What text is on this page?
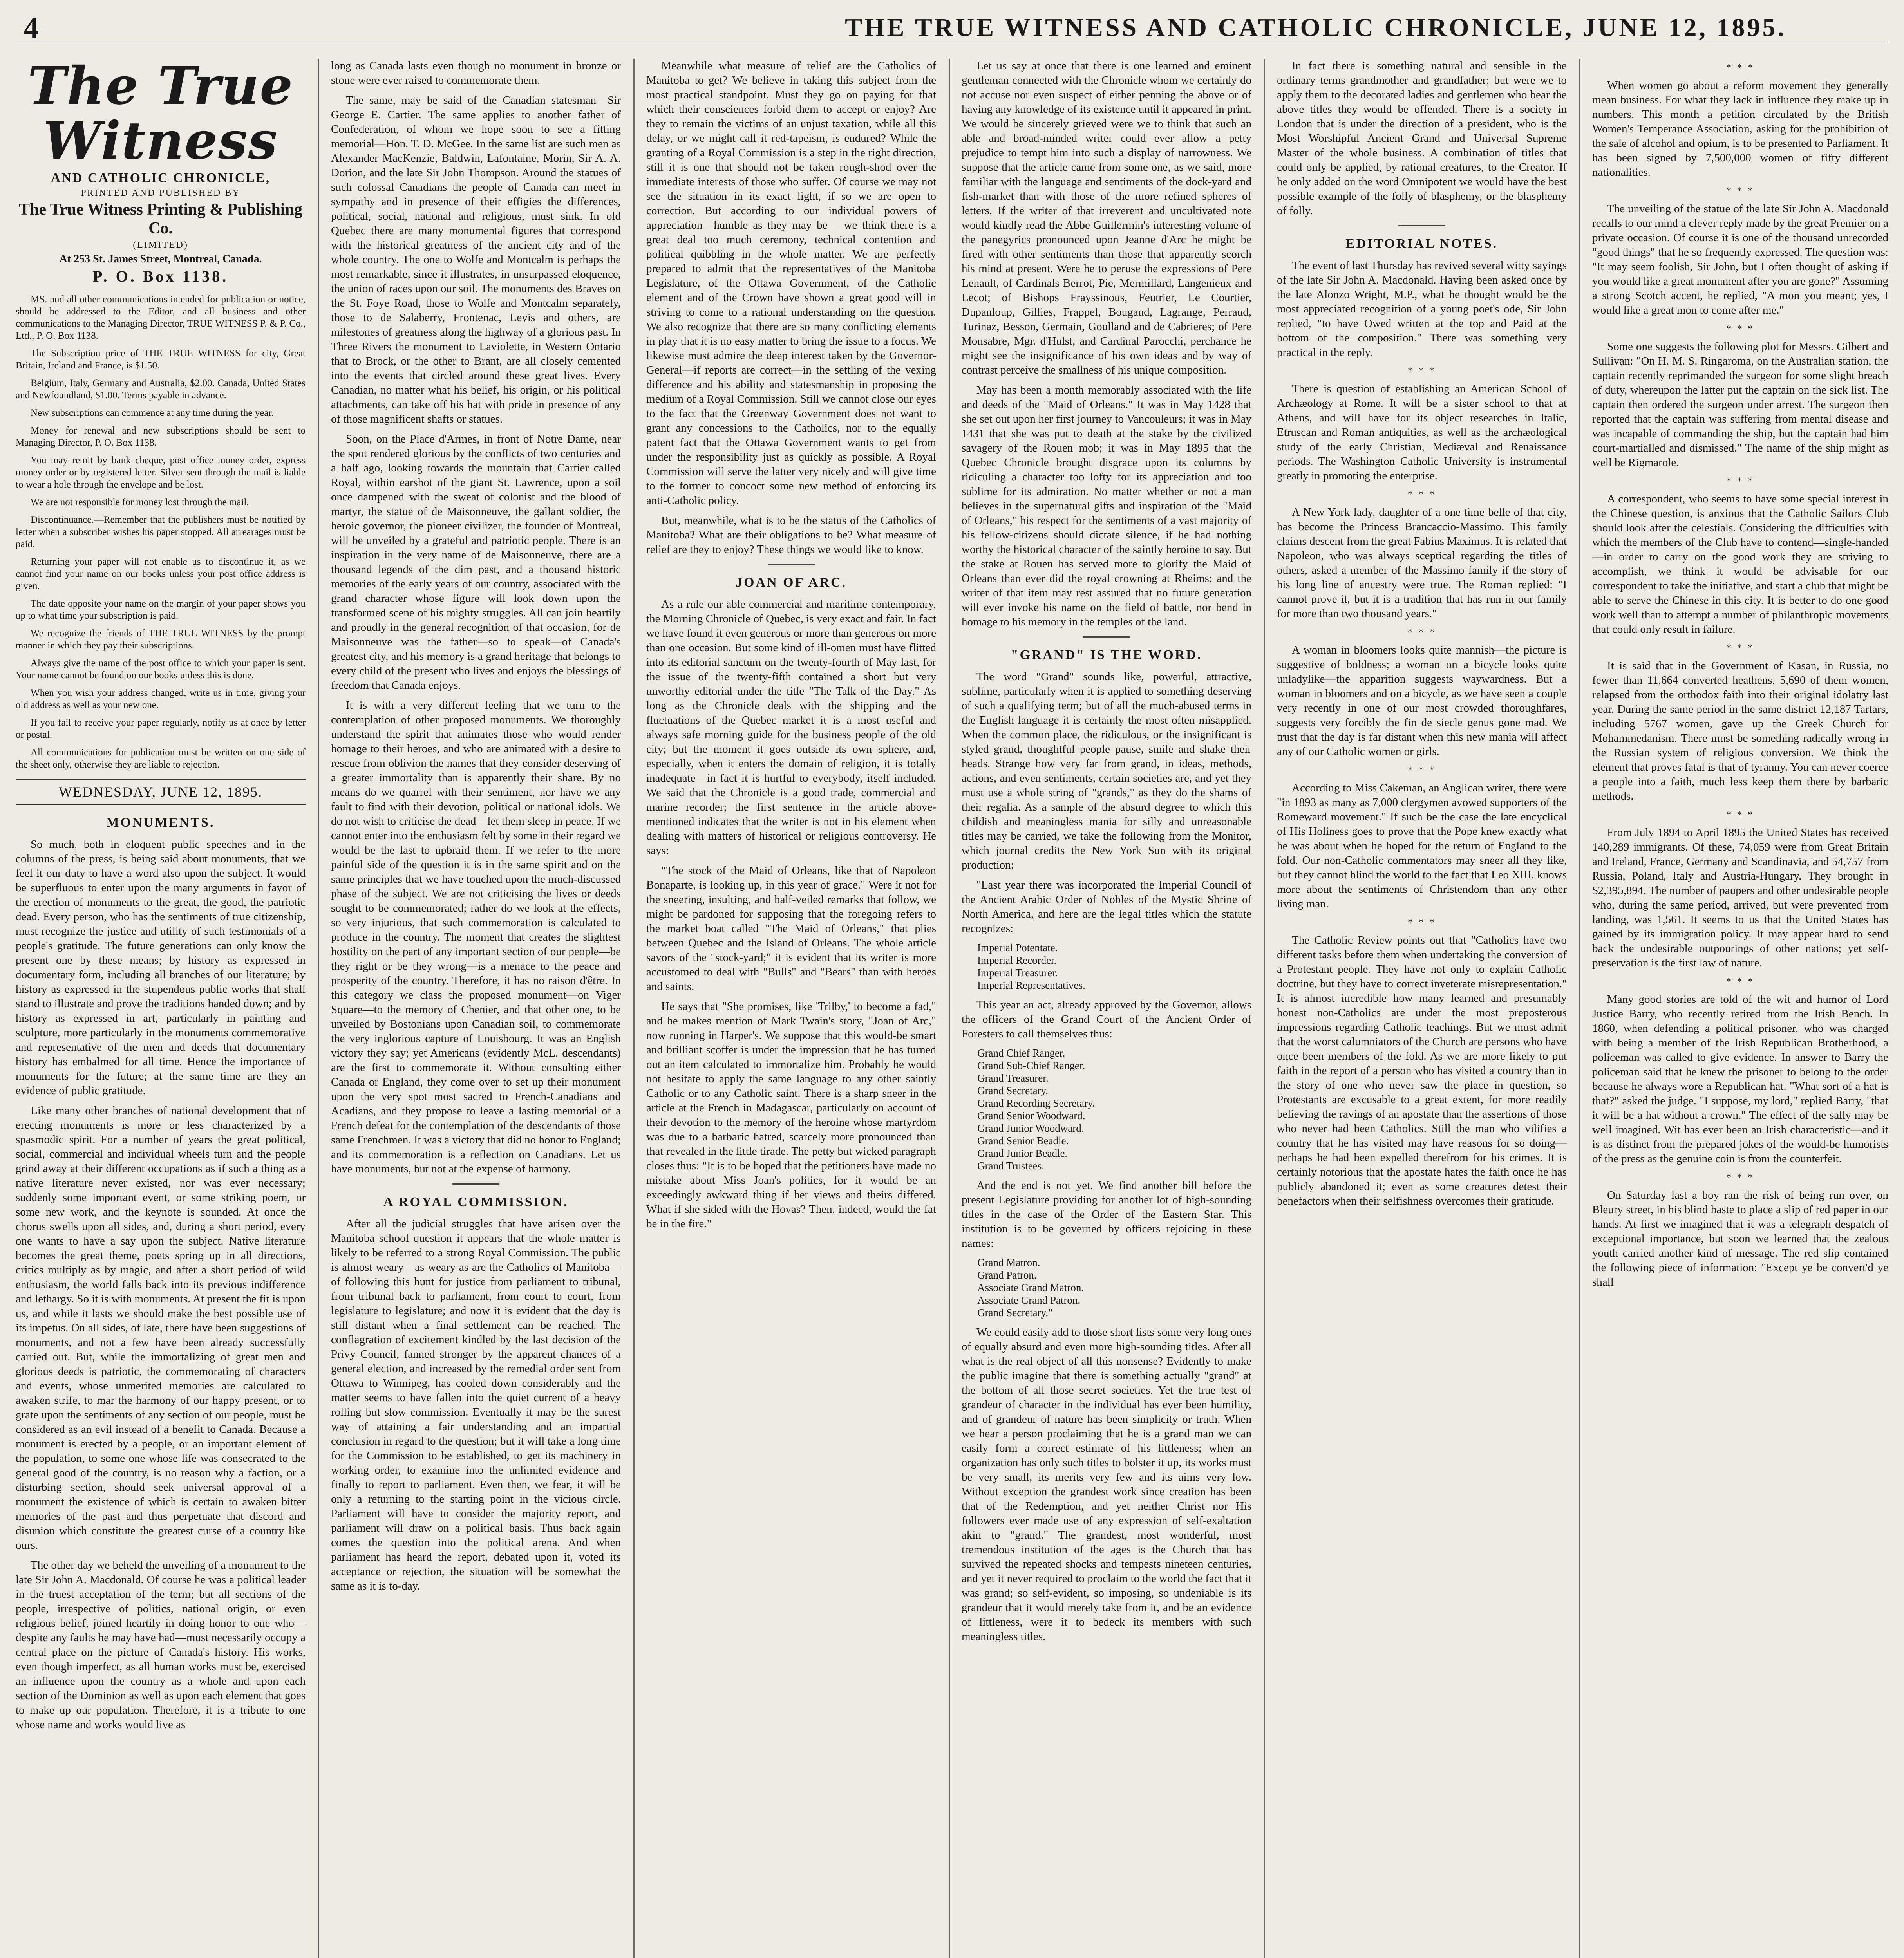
4	THE TRUE WITNESS AND CATHOLIC CHRONICLE, JUNE 12, 1895.
The True Witness
AND CATHOLIC CHRONICLE,
PRINTED AND PUBLISHED BY
The True Witness Printing & Publishing Co.
(LIMITED)
At 253 St. James Street, Montreal, Canada.
P. O. Box 1138.

MS. and all other communications intended for publication or notice, should be addressed to the Editor, and all business and other communications to the Managing Director, TRUE WITNESS P. & P. Co., Ltd., P. O. Box 1138.

The Subscription price of THE TRUE WITNESS for city, Great Britain, Ireland and France, is $1.50.

Belgium, Italy, Germany and Australia, $2.00. Canada, United States and Newfoundland, $1.00. Terms payable in advance.

New subscriptions can commence at any time during the year.

Money for renewal and new subscriptions should be sent to Managing Director, P. O. Box 1138.

You may remit by bank cheque, post office money order, express money order or by registered letter. Silver sent through the mail is liable to wear a hole through the envelope and be lost.

We are not responsible for money lost through the mail.

Discontinuance.—Remember that the publishers must be notified by letter when a subscriber wishes his paper stopped. All arrearages must be paid.

Returning your paper will not enable us to discontinue it, as we cannot find your name on our books unless your post office address is given.

The date opposite your name on the margin of your paper shows you up to what time your subscription is paid.

We recognize the friends of THE TRUE WITNESS by the prompt manner in which they pay their subscriptions.

Always give the name of the post office to which your paper is sent. Your name cannot be found on our books unless this is done.

When you wish your address changed, write us in time, giving your old address as well as your new one.

If you fail to receive your paper regularly, notify us at once by letter or postal.

All communications for publication must be written on one side of the sheet only, otherwise they are liable to rejection.

WEDNESDAY, JUNE 12, 1895.
MONUMENTS.

So much, both in eloquent public speeches and in the columns of the press, is being said about monuments, that we feel it our duty to have a word also upon the subject. It would be superfluous to enter upon the many arguments in favor of the erection of monuments to the great, the good, the patriotic dead. Every person, who has the sentiments of true citizenship, must recognize the justice and utility of such testimonials of a people's gratitude. The future generations can only know the present one by these means; by history as expressed in documentary form, including all branches of our literature; by history as expressed in the stupendous public works that shall stand to illustrate and prove the traditions handed down; and by history as expressed in art, particularly in painting and sculpture, more particularly in the monuments commemorative and representative of the men and deeds that documentary history has embalmed for all time. Hence the importance of monuments for the future; at the same time are they an evidence of public gratitude.

Like many other branches of national development that of erecting monuments is more or less characterized by a spasmodic spirit. For a number of years the great political, social, commercial and individual wheels turn and the people grind away at their different occupations as if such a thing as a native literature never existed, nor was ever necessary; suddenly some important event, or some striking poem, or some new work, and the keynote is sounded. At once the chorus swells upon all sides, and, during a short period, every one wants to have a say upon the subject. Native literature becomes the great theme, poets spring up in all directions, critics multiply as by magic, and after a short period of wild enthusiasm, the world falls back into its previous indifference and lethargy. So it is with monuments. At present the fit is upon us, and while it lasts we should make the best possible use of its impetus. On all sides, of late, there have been suggestions of monuments, and not a few have been already successfully carried out. But, while the immortalizing of great men and glorious deeds is patriotic, the commemorating of characters and events, whose unmerited memories are calculated to awaken strife, to mar the harmony of our happy present, or to grate upon the sentiments of any section of our people, must be considered as an evil instead of a benefit to Canada. Because a monument is erected by a people, or an important element of the population, to some one whose life was consecrated to the general good of the country, is no reason why a faction, or a disturbing section, should seek universal approval of a monument the existence of which is certain to awaken bitter memories of the past and thus perpetuate that discord and disunion which constitute the greatest curse of a country like ours.

The other day we beheld the unveiling of a monument to the late Sir John A. Macdonald. Of course he was a political leader in the truest acceptation of the term; but all sections of the people, irrespective of politics, national origin, or even religious belief, joined heartily in doing honor to one who—despite any faults he may have had—must necessarily occupy a central place on the picture of Canada's history. His works, even though imperfect, as all human works must be, exercised an influence upon the country as a whole and upon each section of the Dominion as well as upon each element that goes to make up our population. Therefore, it is a tribute to one whose name and works would live as

long as Canada lasts even though no monument in bronze or stone were ever raised to commemorate them.

The same, may be said of the Canadian statesman—Sir George E. Cartier. The same applies to another father of Confederation, of whom we hope soon to see a fitting memorial—Hon. T. D. McGee. In the same list are such men as Alexander MacKenzie, Baldwin, Lafontaine, Morin, Sir A. A. Dorion, and the late Sir John Thompson. Around the statues of such colossal Canadians the people of Canada can meet in sympathy and in presence of their effigies the differences, political, social, national and religious, must sink. In old Quebec there are many monumental figures that correspond with the historical greatness of the ancient city and of the whole country. The one to Wolfe and Montcalm is perhaps the most remarkable, since it illustrates, in unsurpassed eloquence, the union of races upon our soil. The monuments des Braves on the St. Foye Road, those to Wolfe and Montcalm separately, those to de Salaberry, Frontenac, Levis and others, are milestones of greatness along the highway of a glorious past. In Three Rivers the monument to Laviolette, in Western Ontario that to Brock, or the other to Brant, are all closely cemented into the events that circled around these great lives. Every Canadian, no matter what his belief, his origin, or his political attachments, can take off his hat with pride in presence of any of those magnificent shafts or statues.

Soon, on the Place d'Armes, in front of Notre Dame, near the spot rendered glorious by the conflicts of two centuries and a half ago, looking towards the mountain that Cartier called Royal, within earshot of the giant St. Lawrence, upon a soil once dampened with the sweat of colonist and the blood of martyr, the statue of de Maisonneuve, the gallant soldier, the heroic governor, the pioneer civilizer, the founder of Montreal, will be unveiled by a grateful and patriotic people. There is an inspiration in the very name of de Maisonneuve, there are a thousand legends of the dim past, and a thousand historic memories of the early years of our country, associated with the grand character whose figure will look down upon the transformed scene of his mighty struggles. All can join heartily and proudly in the general recognition of that occasion, for de Maisonneuve was the father—so to speak—of Canada's greatest city, and his memory is a grand heritage that belongs to every child of the present who lives and enjoys the blessings of freedom that Canada enjoys.

It is with a very different feeling that we turn to the contemplation of other proposed monuments. We thoroughly understand the spirit that animates those who would render homage to their heroes, and who are animated with a desire to rescue from oblivion the names that they consider deserving of a greater immortality than is apparently their share. By no means do we quarrel with their sentiment, nor have we any fault to find with their devotion, political or national idols. We do not wish to criticise the dead—let them sleep in peace. If we cannot enter into the enthusiasm felt by some in their regard we would be the last to upbraid them. If we refer to the more painful side of the question it is in the same spirit and on the same principles that we have touched upon the much-discussed phase of the subject. We are not criticising the lives or deeds sought to be commemorated; rather do we look at the effects, so very injurious, that such commemoration is calculated to produce in the country. The moment that creates the slightest hostility on the part of any important section of our people—be they right or be they wrong—is a menace to the peace and prosperity of the country. Therefore, it has no raison d'être. In this category we class the proposed monument—on Viger Square—to the memory of Chenier, and that other one, to be unveiled by Bostonians upon Canadian soil, to commemorate the very inglorious capture of Louisbourg. It was an English victory they say; yet Americans (evidently McL. descendants) are the first to commemorate it. Without consulting either Canada or England, they come over to set up their monument upon the very spot most sacred to French-Canadians and Acadians, and they propose to leave a lasting memorial of a French defeat for the contemplation of the descendants of those same Frenchmen. It was a victory that did no honor to England; and its commemoration is a reflection on Canadians. Let us have monuments, but not at the expense of harmony.

A ROYAL COMMISSION.

After all the judicial struggles that have arisen over the Manitoba school question it appears that the whole matter is likely to be referred to a strong Royal Commission. The public is almost weary—as weary as are the Catholics of Manitoba—of following this hunt for justice from parliament to tribunal, from tribunal back to parliament, from court to court, from legislature to legislature; and now it is evident that the day is still distant when a final settlement can be reached. The conflagration of excitement kindled by the last decision of the Privy Council, fanned stronger by the apparent chances of a general election, and increased by the remedial order sent from Ottawa to Winnipeg, has cooled down considerably and the matter seems to have fallen into the quiet current of a heavy rolling but slow commission. Eventually it may be the surest way of attaining a fair understanding and an impartial conclusion in regard to the question; but it will take a long time for the Commission to be established, to get its machinery in working order, to examine into the unlimited evidence and finally to report to parliament. Even then, we fear, it will be only a returning to the starting point in the vicious circle. Parliament will have to consider the majority report, and parliament will draw on a political basis. Thus back again comes the question into the political arena. And when parliament has heard the report, debated upon it, voted its acceptance or rejection, the situation will be somewhat the same as it is to-day.

Meanwhile what measure of relief are the Catholics of Manitoba to get? We believe in taking this subject from the most practical standpoint. Must they go on paying for that which their consciences forbid them to accept or enjoy? Are they to remain the victims of an unjust taxation, while all this delay, or we might call it red-tapeism, is endured? While the granting of a Royal Commission is a step in the right direction, still it is one that should not be taken rough-shod over the immediate interests of those who suffer. Of course we may not see the situation in its exact light, if so we are open to correction. But according to our individual powers of appreciation—humble as they may be —we think there is a great deal too much ceremony, technical contention and political quibbling in the whole matter. We are perfectly prepared to admit that the representatives of the Manitoba Legislature, of the Ottawa Government, of the Catholic element and of the Crown have shown a great good will in striving to come to a rational understanding on the question. We also recognize that there are so many conflicting elements in play that it is no easy matter to bring the issue to a focus. We likewise must admire the deep interest taken by the Governor-General—if reports are correct—in the settling of the vexing difference and his ability and statesmanship in proposing the medium of a Royal Commission. Still we cannot close our eyes to the fact that the Greenway Government does not want to grant any concessions to the Catholics, nor to the equally patent fact that the Ottawa Government wants to get from under the responsibility just as quickly as possible. A Royal Commission will serve the latter very nicely and will give time to the former to concoct some new method of enforcing its anti-Catholic policy.

But, meanwhile, what is to be the status of the Catholics of Manitoba? What are their obligations to be? What measure of relief are they to enjoy? These things we would like to know.

JOAN OF ARC.

As a rule our able commercial and maritime contemporary, the Morning Chronicle of Quebec, is very exact and fair. In fact we have found it even generous or more than generous on more than one occasion. But some kind of ill-omen must have flitted into its editorial sanctum on the twenty-fourth of May last, for the issue of the twenty-fifth contained a short but very unworthy editorial under the title "The Talk of the Day." As long as the Chronicle deals with the shipping and the fluctuations of the Quebec market it is a most useful and always safe morning guide for the business people of the old city; but the moment it goes outside its own sphere, and, especially, when it enters the domain of religion, it is totally inadequate—in fact it is hurtful to everybody, itself included. We said that the Chronicle is a good trade, commercial and marine recorder; the first sentence in the article above-mentioned indicates that the writer is not in his element when dealing with matters of historical or religious controversy. He says:

"The stock of the Maid of Orleans, like that of Napoleon Bonaparte, is looking up, in this year of grace." Were it not for the sneering, insulting, and half-veiled remarks that follow, we might be pardoned for supposing that the foregoing refers to the market boat called "The Maid of Orleans," that plies between Quebec and the Island of Orleans. The whole article savors of the "stock-yard;" it is evident that its writer is more accustomed to deal with "Bulls" and "Bears" than with heroes and saints.

He says that "She promises, like 'Trilby,' to become a fad," and he makes mention of Mark Twain's story, "Joan of Arc," now running in Harper's. We suppose that this would-be smart and brilliant scoffer is under the impression that he has turned out an item calculated to immortalize him. Probably he would not hesitate to apply the same language to any other saintly Catholic or to any Catholic saint. There is a sharp sneer in the article at the French in Madagascar, particularly on account of their devotion to the memory of the heroine whose martyrdom was due to a barbaric hatred, scarcely more pronounced than that revealed in the little tirade. The petty but wicked paragraph closes thus: "It is to be hoped that the petitioners have made no mistake about Miss Joan's politics, for it would be an exceedingly awkward thing if her views and theirs differed. What if she sided with the Hovas? Then, indeed, would the fat be in the fire."

Let us say at once that there is one learned and eminent gentleman connected with the Chronicle whom we certainly do not accuse nor even suspect of either penning the above or of having any knowledge of its existence until it appeared in print. We would be sincerely grieved were we to think that such an able and broad-minded writer could ever allow a petty prejudice to tempt him into such a display of narrowness. We suppose that the article came from some one, as we said, more familiar with the language and sentiments of the dock-yard and fish-market than with those of the more refined spheres of letters. If the writer of that irreverent and uncultivated note would kindly read the Abbe Guillermin's interesting volume of the panegyrics pronounced upon Jeanne d'Arc he might be fired with other sentiments than those that apparently scorch his mind at present. Were he to peruse the expressions of Pere Lenault, of Cardinals Berrot, Pie, Mermillard, Langenieux and Lecot; of Bishops Frayssinous, Feutrier, Le Courtier, Dupanloup, Gillies, Frappel, Bougaud, Lagrange, Perraud, Turinaz, Besson, Germain, Goulland and de Cabrieres; of Pere Monsabre, Mgr. d'Hulst, and Cardinal Parocchi, perchance he might see the insignificance of his own ideas and by way of contrast perceive the smallness of his unique composition.

May has been a month memorably associated with the life and deeds of the "Maid of Orleans." It was in May 1428 that she set out upon her first journey to Vancouleurs; it was in May 1431 that she was put to death at the stake by the civilized savagery of the Rouen mob; it was in May 1895 that the Quebec Chronicle brought disgrace upon its columns by ridiculing a character too lofty for its appreciation and too sublime for its admiration. No matter whether or not a man believes in the supernatural gifts and inspiration of the "Maid of Orleans," his respect for the sentiments of a vast majority of his fellow-citizens should dictate silence, if he had nothing worthy the historical character of the saintly heroine to say. But the stake at Rouen has served more to glorify the Maid of Orleans than ever did the royal crowning at Rheims; and the writer of that item may rest assured that no future generation will ever invoke his name on the field of battle, nor bend in homage to his memory in the temples of the land.

"GRAND" IS THE WORD.

The word "Grand" sounds like, powerful, attractive, sublime, particularly when it is applied to something deserving of such a qualifying term; but of all the much-abused terms in the English language it is certainly the most often misapplied. When the common place, the ridiculous, or the insignificant is styled grand, thoughtful people pause, smile and shake their heads. Strange how very far from grand, in ideas, methods, actions, and even sentiments, certain societies are, and yet they must use a whole string of "grands," as they do the shams of their regalia. As a sample of the absurd degree to which this childish and meaningless mania for silly and unreasonable titles may be carried, we take the following from the Monitor, which journal credits the New York Sun with its original production:

"Last year there was incorporated the Imperial Council of the Ancient Arabic Order of Nobles of the Mystic Shrine of North America, and here are the legal titles which the statute recognizes:

Imperial Potentate.
Imperial Recorder.
Imperial Treasurer.
Imperial Representatives.

This year an act, already approved by the Governor, allows the officers of the Grand Court of the Ancient Order of Foresters to call themselves thus:

Grand Chief Ranger.
Grand Sub-Chief Ranger.
Grand Treasurer.
Grand Secretary.
Grand Recording Secretary.
Grand Senior Woodward.
Grand Junior Woodward.
Grand Senior Beadle.
Grand Junior Beadle.
Grand Trustees.

And the end is not yet. We find another bill before the present Legislature providing for another lot of high-sounding titles in the case of the Order of the Eastern Star. This institution is to be governed by officers rejoicing in these names:

Grand Matron.
Grand Patron.
Associate Grand Matron.
Associate Grand Patron.
Grand Secretary."

We could easily add to those short lists some very long ones of equally absurd and even more high-sounding titles. After all what is the real object of all this nonsense? Evidently to make the public imagine that there is something actually "grand" at the bottom of all those secret societies. Yet the true test of grandeur of character in the individual has ever been humility, and of grandeur of nature has been simplicity or truth. When we hear a person proclaiming that he is a grand man we can easily form a correct estimate of his littleness; when an organization has only such titles to bolster it up, its works must be very small, its merits very few and its aims very low. Without exception the grandest work since creation has been that of the Redemption, and yet neither Christ nor His followers ever made use of any expression of self-exaltation akin to "grand." The grandest, most wonderful, most tremendous institution of the ages is the Church that has survived the repeated shocks and tempests nineteen centuries, and yet it never required to proclaim to the world the fact that it was grand; so self-evident, so imposing, so undeniable is its grandeur that it would merely take from it, and be an evidence of littleness, were it to bedeck its members with such meaningless titles.

In fact there is something natural and sensible in the ordinary terms grandmother and grandfather; but were we to apply them to the decorated ladies and gentlemen who bear the above titles they would be offended. There is a society in London that is under the direction of a president, who is the Most Worshipful Ancient Grand and Universal Supreme Master of the whole business. A combination of titles that could only be applied, by rational creatures, to the Creator. If he only added on the word Omnipotent we would have the best possible example of the folly of blasphemy, or the blasphemy of folly.

EDITORIAL NOTES.

The event of last Thursday has revived several witty sayings of the late Sir John A. Macdonald. Having been asked once by the late Alonzo Wright, M.P., what he thought would be the most appreciated recognition of a young poet's ode, Sir John replied, "to have Owed written at the top and Paid at the bottom of the composition." There was something very practical in the reply.

* * *

There is question of establishing an American School of Archæology at Rome. It will be a sister school to that at Athens, and will have for its object researches in Italic, Etruscan and Roman antiquities, as well as the archæological study of the early Christian, Mediæval and Renaissance periods. The Washington Catholic University is instrumental greatly in promoting the enterprise.

* * *

A New York lady, daughter of a one time belle of that city, has become the Princess Brancaccio-Massimo. This family claims descent from the great Fabius Maximus. It is related that Napoleon, who was always sceptical regarding the titles of others, asked a member of the Massimo family if the story of his long line of ancestry were true. The Roman replied: "I cannot prove it, but it is a tradition that has run in our family for more than two thousand years."

* * *

A woman in bloomers looks quite mannish—the picture is suggestive of boldness; a woman on a bicycle looks quite unladylike—the apparition suggests waywardness. But a woman in bloomers and on a bicycle, as we have seen a couple very recently in one of our most crowded thoroughfares, suggests very forcibly the fin de siecle genus gone mad. We trust that the day is far distant when this new mania will affect any of our Catholic women or girls.

* * *

According to Miss Cakeman, an Anglican writer, there were "in 1893 as many as 7,000 clergymen avowed supporters of the Romeward movement." If such be the case the late encyclical of His Holiness goes to prove that the Pope knew exactly what he was about when he hoped for the return of England to the fold. Our non-Catholic commentators may sneer all they like, but they cannot blind the world to the fact that Leo XIII. knows more about the sentiments of Christendom than any other living man.

* * *

The Catholic Review points out that "Catholics have two different tasks before them when undertaking the conversion of a Protestant people. They have not only to explain Catholic doctrine, but they have to correct inveterate misrepresentation." It is almost incredible how many learned and presumably honest non-Catholics are under the most preposterous impressions regarding Catholic teachings. But we must admit that the worst calumniators of the Church are persons who have once been members of the fold. As we are more likely to put faith in the report of a person who has visited a country than in the story of one who never saw the place in question, so Protestants are excusable to a great extent, for more readily believing the ravings of an apostate than the assertions of those who never had been Catholics. Still the man who vilifies a country that he has visited may have reasons for so doing—perhaps he had been expelled therefrom for his crimes. It is certainly notorious that the apostate hates the faith once he has publicly abandoned it; even as some creatures detest their benefactors when their selfishness overcomes their gratitude.

* * *

When women go about a reform movement they generally mean business. For what they lack in influence they make up in numbers. This month a petition circulated by the British Women's Temperance Association, asking for the prohibition of the sale of alcohol and opium, is to be presented to Parliament. It has been signed by 7,500,000 women of fifty different nationalities.

* * *

The unveiling of the statue of the late Sir John A. Macdonald recalls to our mind a clever reply made by the great Premier on a private occasion. Of course it is one of the thousand unrecorded "good things" that he so frequently expressed. The question was: "It may seem foolish, Sir John, but I often thought of asking if you would like a great monument after you are gone?" Assuming a strong Scotch accent, he replied, "A mon you meant; yes, I would like a great mon to come after me."

* * *

Some one suggests the following plot for Messrs. Gilbert and Sullivan: "On H. M. S. Ringaroma, on the Australian station, the captain recently reprimanded the surgeon for some slight breach of duty, whereupon the latter put the captain on the sick list. The captain then ordered the surgeon under arrest. The surgeon then reported that the captain was suffering from mental disease and was incapable of commanding the ship, but the captain had him court-martialled and dismissed." The name of the ship might as well be Rigmarole.

* * *

A correspondent, who seems to have some special interest in the Chinese question, is anxious that the Catholic Sailors Club should look after the celestials. Considering the difficulties with which the members of the Club have to contend—single-handed—in order to carry on the good work they are striving to accomplish, we think it would be advisable for our correspondent to take the initiative, and start a club that might be able to serve the Chinese in this city. It is better to do one good work well than to attempt a number of philanthropic movements that could only result in failure.

* * *

It is said that in the Government of Kasan, in Russia, no fewer than 11,664 converted heathens, 5,690 of them women, relapsed from the orthodox faith into their original idolatry last year. During the same period in the same district 12,187 Tartars, including 5767 women, gave up the Greek Church for Mohammedanism. There must be something radically wrong in the Russian system of religious conversion. We think the element that proves fatal is that of tyranny. You can never coerce a people into a faith, much less keep them there by barbaric methods.

* * *

From July 1894 to April 1895 the United States has received 140,289 immigrants. Of these, 74,059 were from Great Britain and Ireland, France, Germany and Scandinavia, and 54,757 from Russia, Poland, Italy and Austria-Hungary. They brought in $2,395,894. The number of paupers and other undesirable people who, during the same period, arrived, but were prevented from landing, was 1,561. It seems to us that the United States has gained by its immigration policy. It may appear hard to send back the undesirable outpourings of other nations; yet self-preservation is the first law of nature.

* * *

Many good stories are told of the wit and humor of Lord Justice Barry, who recently retired from the Irish Bench. In 1860, when defending a political prisoner, who was charged with being a member of the Irish Republican Brotherhood, a policeman was called to give evidence. In answer to Barry the policeman said that he knew the prisoner to belong to the order because he always wore a Republican hat. "What sort of a hat is that?" asked the judge. "I suppose, my lord," replied Barry, "that it will be a hat without a crown." The effect of the sally may be well imagined. Wit has ever been an Irish characteristic—and it is as distinct from the prepared jokes of the would-be humorists of the press as the genuine coin is from the counterfeit.

* * *

On Saturday last a boy ran the risk of being run over, on Bleury street, in his blind haste to place a slip of red paper in our hands. At first we imagined that it was a telegraph despatch of exceptional importance, but soon we learned that the zealous youth carried another kind of message. The red slip contained the following piece of information: "Except ye be convert'd ye shall
